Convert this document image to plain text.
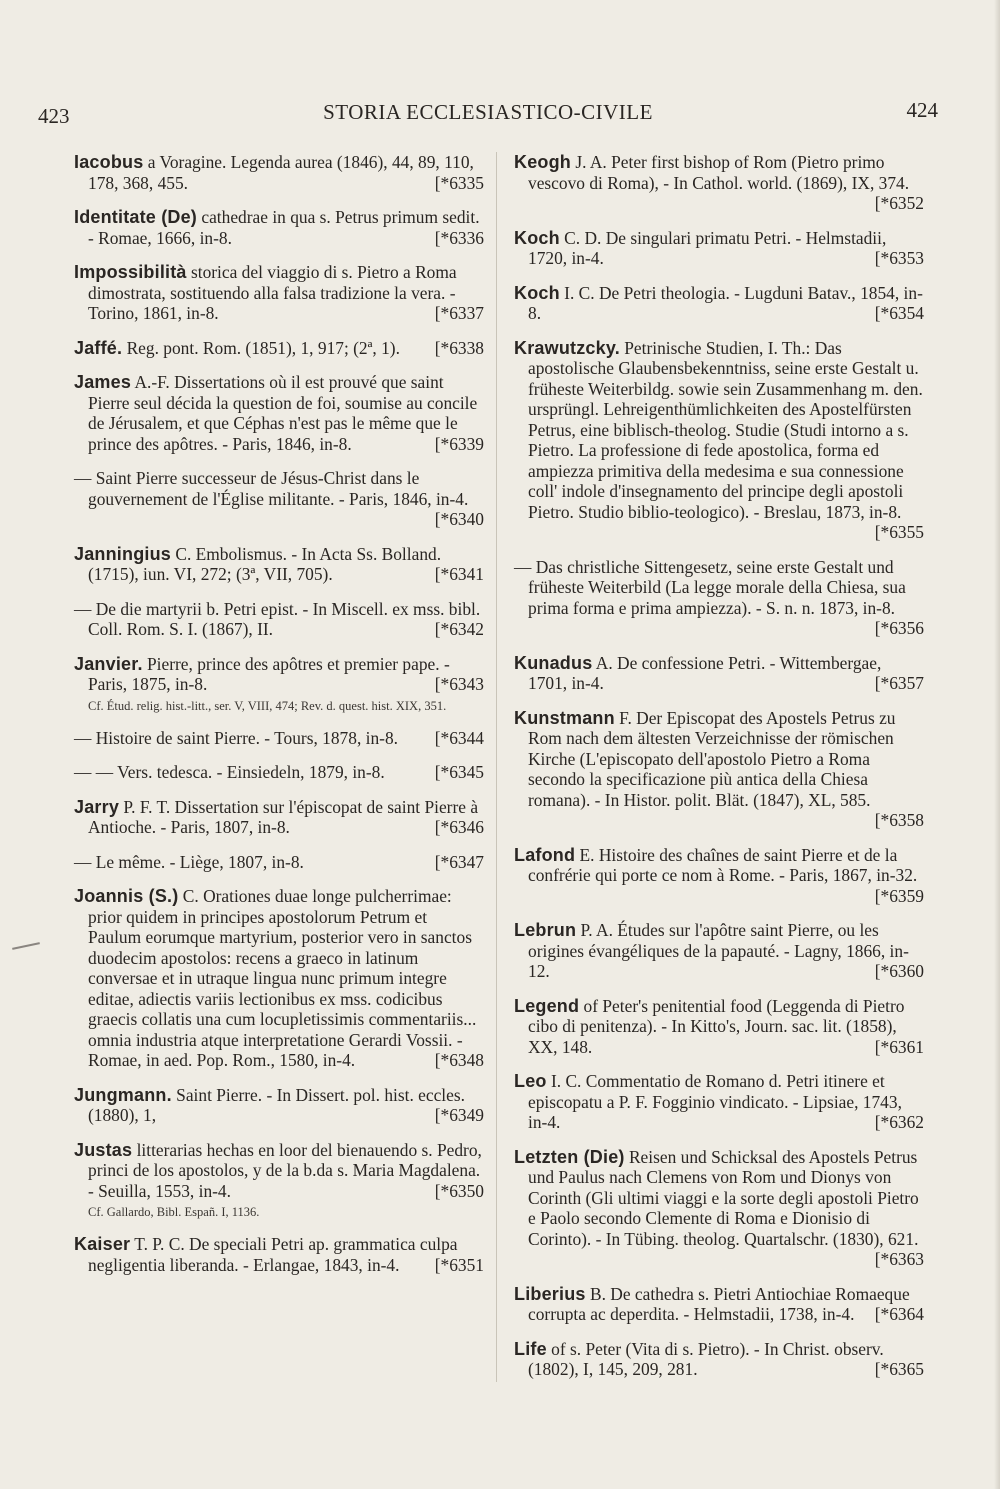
423	STORIA ECCLESIASTICO-CIVILE	424
Iacobus a Voragine. Legenda aurea (1846), 44, 89, 110, 178, 368, 455.	[*6335
Identitate (De) cathedrae in qua s. Petrus primum sedit. - Romae, 1666, in-8.	[*6336
Impossibilità storica del viaggio di s. Pietro a Roma dimostrata, sostituendo alla falsa tradizione la vera. - Torino, 1861, in-8.	[*6337
Jaffé. Reg. pont. Rom. (1851), 1, 917; (2ª, 1).	[*6338
James A.-F. Dissertations où il est prouvé que saint Pierre seul décida la question de foi, soumise au concile de Jérusalem, et que Céphas n'est pas le même que le prince des apôtres. - Paris, 1846, in-8.	[*6339
— Saint Pierre successeur de Jésus-Christ dans le gouvernement de l'Église militante. - Paris, 1846, in-4.
[*6340
Janningius C. Embolismus. - In Acta Ss. Bolland. (1715), iun. VI, 272; (3ª, VII, 705).	[*6341
— De die martyrii b. Petri epist. - In Miscell. ex mss. bibl. Coll. Rom. S. I. (1867), II.	[*6342
Janvier. Pierre, prince des apôtres et premier pape. - Paris, 1875, in-8.	[*6343
Cf. Étud. relig. hist.-litt., ser. V, VIII, 474; Rev. d. quest. hist. XIX, 351.
— Histoire de saint Pierre. - Tours, 1878, in-8.	[*6344
— — Vers. tedesca. - Einsiedeln, 1879, in-8.	[*6345
Jarry P. F. T. Dissertation sur l'épiscopat de saint Pierre à Antioche. - Paris, 1807, in-8.	[*6346
— Le même. - Liège, 1807, in-8.	[*6347
Joannis (S.) C. Orationes duae longe pulcherrimae: prior quidem in principes apostolorum Petrum et Paulum eorumque martyrium, posterior vero in sanctos duodecim apostolos: recens a graeco in latinum conversae et in utraque lingua nunc primum integre editae, adiectis variis lectionibus ex mss. codicibus graecis collatis una cum locupletissimis commentariis... omnia industria atque interpretatione Gerardi Vossii. - Romae, in aed. Pop. Rom., 1580, in-4.	[*6348
Jungmann. Saint Pierre. - In Dissert. pol. hist. eccles. (1880), 1,	[*6349
Justas litterarias hechas en loor del bienauendo s. Pedro, princi de los apostolos, y de la b.da s. Maria Magdalena. - Seuilla, 1553, in-4.	[*6350
Cf. Gallardo, Bibl. Españ. I, 1136.
Kaiser T. P. C. De speciali Petri ap. grammatica culpa negligentia liberanda. - Erlangae, 1843, in-4.	[*6351
Keogh J. A. Peter first bishop of Rom (Pietro primo vescovo di Roma), - In Cathol. world. (1869), IX, 374.
[*6352
Koch C. D. De singulari primatu Petri. - Helmstadii, 1720, in-4.	[*6353
Koch I. C. De Petri theologia. - Lugduni Batav., 1854, in-8.	[*6354
Krawutzcky. Petrinische Studien, I. Th.: Das apostolische Glaubensbekenntniss, seine erste Gestalt u. früheste Weiterbildg. sowie sein Zusammenhang m. den. ursprüngl. Lehreigenthümlichkeiten des Apostelfürsten Petrus, eine biblisch-theolog. Studie (Studi intorno a s. Pietro. La professione di fede apostolica, forma ed ampiezza primitiva della medesima e sua connessione coll' indole d'insegnamento del principe degli apostoli Pietro. Studio biblio-teologico). - Breslau, 1873, in-8.
[*6355
— Das christliche Sittengesetz, seine erste Gestalt und früheste Weiterbild (La legge morale della Chiesa, sua prima forma e prima ampiezza). - S. n. n. 1873, in-8.
[*6356
Kunadus A. De confessione Petri. - Wittembergae, 1701, in-4.	[*6357
Kunstmann F. Der Episcopat des Apostels Petrus zu Rom nach dem ältesten Verzeichnisse der römischen Kirche (L'episcopato dell'apostolo Pietro a Roma secondo la specificazione più antica della Chiesa romana). - In Histor. polit. Blät. (1847), XL, 585.
[*6358
Lafond E. Histoire des chaînes de saint Pierre et de la confrérie qui porte ce nom à Rome. - Paris, 1867, in-32.
[*6359
Lebrun P. A. Études sur l'apôtre saint Pierre, ou les origines évangéliques de la papauté. - Lagny, 1866, in-12.	[*6360
Legend of Peter's penitential food (Leggenda di Pietro cibo di penitenza). - In Kitto's, Journ. sac. lit. (1858), XX, 148.	[*6361
Leo I. C. Commentatio de Romano d. Petri itinere et episcopatu a P. F. Fogginio vindicato. - Lipsiae, 1743, in-4.	[*6362
Letzten (Die) Reisen und Schicksal des Apostels Petrus und Paulus nach Clemens von Rom und Dionys von Corinth (Gli ultimi viaggi e la sorte degli apostoli Pietro e Paolo secondo Clemente di Roma e Dionisio di Corinto). - In Tübing. theolog. Quartalschr. (1830), 621.
[*6363
Liberius B. De cathedra s. Pietri Antiochiae Romaeque corrupta ac deperdita. - Helmstadii, 1738, in-4.	[*6364
Life of s. Peter (Vita di s. Pietro). - In Christ. observ. (1802), I, 145, 209, 281.	[*6365
